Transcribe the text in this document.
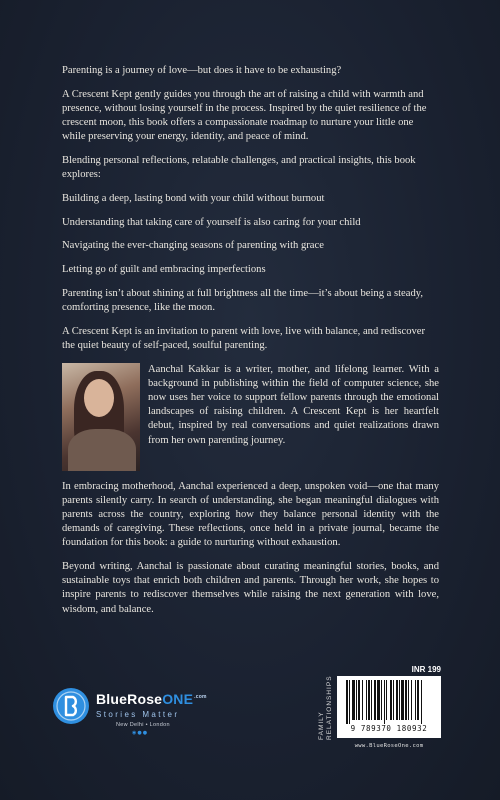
Parenting is a journey of love—but does it have to be exhausting?

A Crescent Kept gently guides you through the art of raising a child with warmth and presence, without losing yourself in the process. Inspired by the quiet resilience of the crescent moon, this book offers a compassionate roadmap to nurture your little one while preserving your energy, identity, and peace of mind.

Blending personal reflections, relatable challenges, and practical insights, this book explores:

Building a deep, lasting bond with your child without burnout

Understanding that taking care of yourself is also caring for your child

Navigating the ever-changing seasons of parenting with grace

Letting go of guilt and embracing imperfections

Parenting isn’t about shining at full brightness all the time—it’s about being a steady, comforting presence, like the moon.

A Crescent Kept is an invitation to parent with love, live with balance, and rediscover the quiet beauty of self-paced, soulful parenting.

Aanchal Kakkar is a writer, mother, and lifelong learner. With a background in publishing within the field of computer science, she now uses her voice to support fellow parents through the emotional landscapes of raising children. A Crescent Kept is her heartfelt debut, inspired by real conversations and quiet realizations drawn from her own parenting journey.

In embracing motherhood, Aanchal experienced a deep, unspoken void—one that many parents silently carry. In search of understanding, she began meaningful dialogues with parents across the country, exploring how they balance personal identity with the demands of caregiving. These reflections, once held in a private journal, became the foundation for this book: a guide to nurturing without exhaustion.

Beyond writing, Aanchal is passionate about curating meaningful stories, books, and sustainable toys that enrich both children and parents. Through her work, she hopes to inspire parents to rediscover themselves while raising the next generation with love, wisdom, and balance.

BlueRoseONE$^{.com}$
Stories Matter
New Delhi • London
◉●●	FAMILY RELATIONSHIPS
INR 199
9 789370 180932
www.BlueRoseOne.com
